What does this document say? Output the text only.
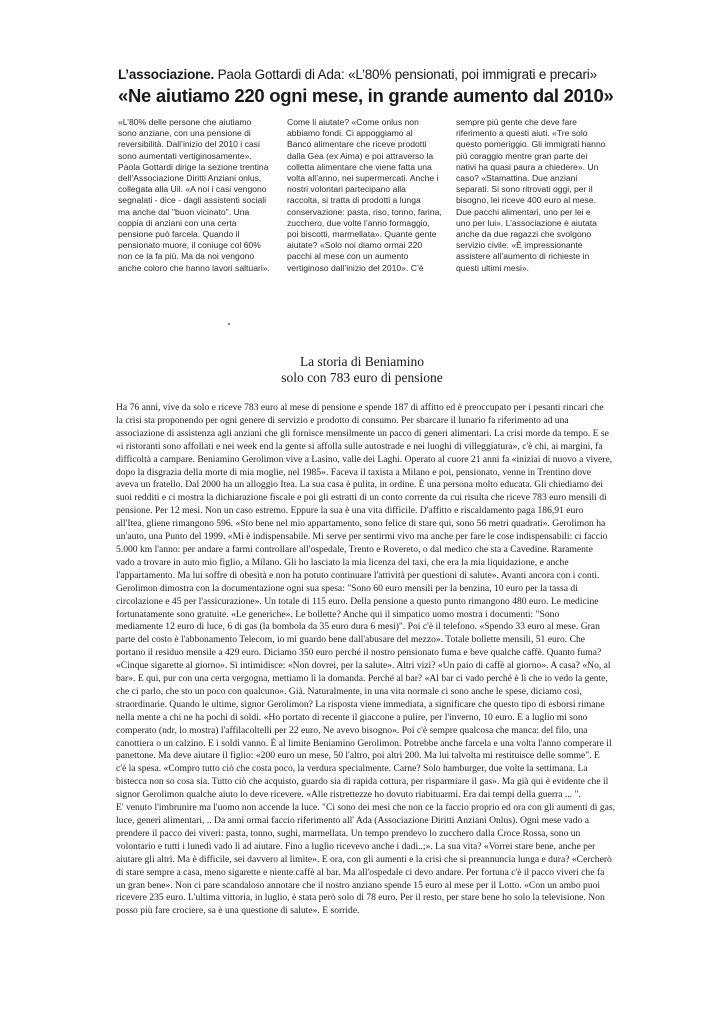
L’associazione. Paola Gottardi di Ada: «L’80% pensionati, poi immigrati e precari»
«Ne aiutiamo 220 ogni mese, in grande aumento dal 2010»
«L’80% delle persone che aiutiamo
sono anziane, con una pensione di
reversibilità. Dall’inizio del 2010 i casi
sono aumentati vertiginosamente».
Paola Gottardi dirige la sezione trentina
dell’Associazione Diritti Anziani onlus,
collegata alla Uil. «A noi i casi vengono
segnalati - dice - dagli assistenti sociali
ma anche dal "buon vicinato". Una
coppia di anziani con una certa
pensione può farcela. Quando il
pensionato muore, il coniuge col 60%
non ce la fa più. Ma da noi vengono
anche coloro che hanno lavori saltuari».
Come li aiutate? «Come onlus non
abbiamo fondi. Ci appoggiamo al
Banco alimentare che riceve prodotti
dalla Gea (ex Aima) e poi attraverso la
colletta alimentare che viene fatta una
volta all’anno, nei supermercati. Anche i
nostri volontari partecipano alla
raccolta, si tratta di prodotti a lunga
conservazione: pasta, riso, tonno, farina,
zucchero, due volte l’anno formaggio,
poi biscotti, marmellata». Quante gente
aiutate? «Solo noi diamo ormai 220
pacchi al mese con un aumento
vertiginoso dall’inizio del 2010». C’è
sempre più gente che deve fare
riferimento a questi aiuti. «Tre solo
questo pomeriggio. Gli immigrati hanno
più coraggio mentre gran parte dei
nativi ha quasi paura a chiedere». Un
caso? «Stamattina. Due anziani
separati. Si sono ritrovati oggi, per il
bisogno, lei riceve 400 euro al mese.
Due pacchi alimentari, uno per lei e
uno per lui». L’associazione è aiutata
anche da due ragazzi che svolgono
servizio civile. «È impressionante
assistere all’aumento di richieste in
questi ultimi mesi».
La storia di Beniamino
solo con 783 euro di pensione
Ha 76 anni, vive da solo e riceve 783 euro al mese di pensione e spende 187 di affitto ed è preoccupato per i pesanti rincari che
la crisi sta proponendo per ogni genere di servizio e prodotto di consumo. Per sbarcare il lunario fa riferimento ad una
associazione di assistenza agli anziani che gli fornisce mensilmente un pacco di generi alimentari. La crisi morde da tempo. E se
«i ristoranti sono affollati e nei week end la gente si affolla sulle autostrade e nei luoghi di villeggiatura», c'è chi, ai margini, fa
difficoltà a campare. Beniamino Gerolimon vive a Lasino, valle dei Laghi. Operato al cuore 21 anni fa «iniziai di nuovo a vivere,
dopo la disgrazia della morte di mia moglie, nel 1985». Faceva il taxista a Milano e poi, pensionato, venne in Trentino dove
aveva un fratello. Dal 2000 ha un alloggio Itea. La sua casa è pulita, in ordine. È una persona molto educata. Gli chiediamo dei
suoi redditi e ci mostra la dichiarazione fiscale e poi gli estratti di un conto corrente da cui risulta che riceve 783 euro mensili di
pensione. Per 12 mesi. Non un caso estremo. Eppure la sua è una vita difficile. D'affitto e riscaldamento paga 186,91 euro
all'Itea, gliene rimangono 596. «Sto bene nel mio appartamento, sono felice di stare qui, sono 56 metri quadrati». Gerolimon ha
un'auto, una Punto del 1999. «Mi è indispensabile. Mi serve per sentirmi vivo ma anche per fare le cose indispensabili: ci faccio
5.000 km l'anno: per andare a farmi controllare all'ospedale, Trento e Rovereto, o dal medico che sta a Cavedine. Raramente
vado a trovare in auto mio figlio, a Milano. Gli ho lasciato la mia licenza del taxi, che era la mia liquidazione, e anche
l'appartamento. Ma lui soffre di obesità e non ha potuto continuare l'attività per questioni di salute». Avanti ancora con i conti.
Gerolimon dimostra con la documentazione ogni sua spesa: "Sono 60 euro mensili per la benzina, 10 euro per la tassa di
circolazione e 45 per l'assicurazione». Un totale di 115 euro. Della pensione a questo punto rimangono 480 euro. Le medicine
fortunatamente sono gratuite. «Le generiche». Le bollette? Anche qui il simpatico uomo mostra i documenti: "Sono
mediamente 12 euro di luce, 6 di gas (la bombola da 35 euro dura 6 mesi)". Poi c'è il telefono. «Spendo 33 euro al mese. Gran
parte del costo è l'abbonamento Telecom, io mi guardo bene dall'abusare del mezzo». Totale bollette mensili, 51 euro. Che
portano il residuo mensile a 429 euro. Diciamo 350 euro perché il nostro pensionato fuma e beve qualche caffè. Quanto fuma?
«Cinque sigarette al giorno». Sì intimidisce: «Non dovrei, per la salute». Altri vizi? «Un paio di caffè al giorno». A casa? «No, al
bar». E qui, pur con una certa vergogna, mettiamo lì la domanda. Perché al bar? «Al bar ci vado perché è lì che io vedo la gente,
che ci parlo, che sto un poco con qualcuno». Già. Naturalmente, in una vita normale ci sono anche le spese, diciamo così,
straordinarie. Quando le ultime, signor Gerolimon? La risposta viene immediata, a significare che questo tipo di esborsi rimane
nella mente a chi ne ha pochi di soldi. «Ho portato di recente il giaccone a pulire, per l'inverno, 10 euro. E a luglio mi sono
comperato (ndr, lo mostra) l'affilacoltelli per 22 euro, Ne avevo bisogno». Poi c'è sempre qualcosa che manca: del filo, una
canottiera o un calzino. E i soldi vanno. È al limite Beniamino Gerolimon. Potrebbe anche farcela e una volta l'anno comperare il
panettone. Ma deve aiutare il figlio: «200 euro un mese, 50 l'altro, poi altri 200. Ma lui talvolta mi restituisce delle somme". E
c'è la spesa. «Compro tutto ciò che costa poco, la verdura specialmente. Carne? Solo hamburger, due volte la settimana. La
bistecca non so cosa sia. Tutto ciò che acquisto, guardo sia di rapida cottura, per risparmiare il gas». Ma già qui è evidente che il
signor Gerolimon qualche aiuto lo deve ricevere. «Alle ristrettezze ho dovuto riabituarmi. Era dai tempi della guerra ... ".
E' venuto l'imbrunire ma l'uomo non accende la luce. "Ci sono dei mesi che non ce la faccio proprio ed ora con gli aumenti di gas,
luce, generi alimentari, .. Da anni ormai faccio riferimento all' Ada (Associazione Diritti Anziani Onlus). Ogni mese vado a
prendere il pacco dei viveri: pasta, tonno, sughi, marmellata. Un tempo prendevo lo zucchero dalla Croce Rossa, sono un
volontario e tutti i lunedì vado lì ad aiutare. Fino a luglio ricevevo anche i dadi..;». La sua vita? «Vorrei stare bene, anche per
aiutare gli altri. Ma è difficile, sei davvero al limite». E ora, con gli aumenti e la crisi che si preannuncia lunga e dura? «Cercherò
di stare sempre a casa, meno sigarette e niente caffè al bar. Ma all'ospedale ci devo andare. Per fortuna c'è il pacco viveri che fa
un gran bene». Non ci pare scandaloso annotare che il nostro anziano spende 15 euro al mese per il Lotto. «Con un ambo puoi
ricevere 235 euro. L'ultima vittoria, in luglio, è stata però solo di 78 euro. Per il resto, per stare bene ho solo la televisione. Non
posso più fare crociere, sa è una questione di salute». E sorride.
